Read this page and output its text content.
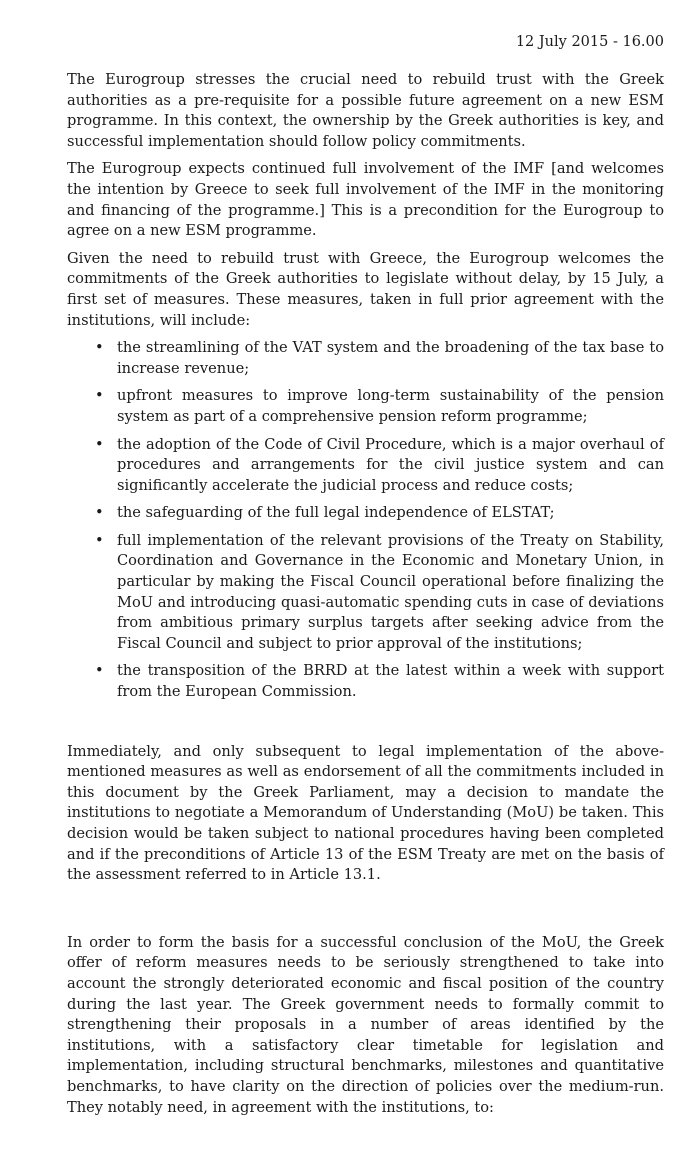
12 July 2015 - 16.00

The Eurogroup stresses the crucial need to rebuild trust with the Greek authorities as a pre-requisite for a possible future agreement on a new ESM programme. In this context, the ownership by the Greek authorities is key, and successful implementation should follow policy commitments.

The Eurogroup expects continued full involvement of the IMF [and welcomes the intention by Greece to seek full involvement of the IMF in the monitoring and financing of the programme.] This is a precondition for the Eurogroup to agree on a new ESM programme.

Given the need to rebuild trust with Greece, the Eurogroup welcomes the commitments of the Greek authorities to legislate without delay, by 15 July, a first set of measures. These measures, taken in full prior agreement with the institutions, will include:

• the streamlining of the VAT system and the broadening of the tax base to increase revenue;
• upfront measures to improve long-term sustainability of the pension system as part of a comprehensive pension reform programme;
• the adoption of the Code of Civil Procedure, which is a major overhaul of procedures and arrangements for the civil justice system and can significantly accelerate the judicial process and reduce costs;
• the safeguarding of the full legal independence of ELSTAT;
• full implementation of the relevant provisions of the Treaty on Stability, Coordination and Governance in the Economic and Monetary Union, in particular by making the Fiscal Council operational before finalizing the MoU and introducing quasi-automatic spending cuts in case of deviations from ambitious primary surplus targets after seeking advice from the Fiscal Council and subject to prior approval of the institutions;
• the transposition of the BRRD at the latest within a week with support from the European Commission.

Immediately, and only subsequent to legal implementation of the above-mentioned measures as well as endorsement of all the commitments included in this document by the Greek Parliament, may a decision to mandate the institutions to negotiate a Memorandum of Understanding (MoU) be taken. This decision would be taken subject to national procedures having been completed and if the preconditions of Article 13 of the ESM Treaty are met on the basis of the assessment referred to in Article 13.1.

In order to form the basis for a successful conclusion of the MoU, the Greek offer of reform measures needs to be seriously strengthened to take into account the strongly deteriorated economic and fiscal position of the country during the last year. The Greek government needs to formally commit to strengthening their proposals in a number of areas identified by the institutions, with a satisfactory clear timetable for legislation and implementation, including structural benchmarks, milestones and quantitative benchmarks, to have clarity on the direction of policies over the medium-run. They notably need, in agreement with the institutions, to:
